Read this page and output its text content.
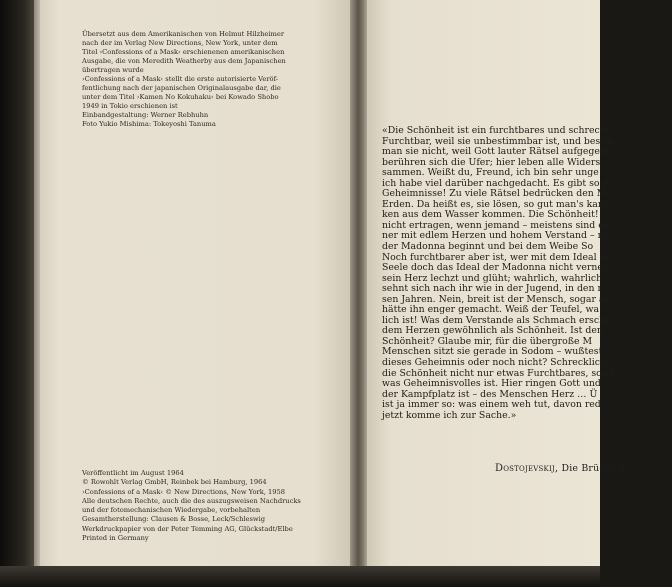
Übersetzt aus dem Amerikanischen von Helmut Hilzheimer

nach der im Verlag New Directions, New York, unter dem

Titel ›Confessions of a Mask‹ erschienenen amerikanischen

Ausgabe, die von Meredith Weatherby aus dem Japanischen

übertragen wurde

›Confessions of a Mask‹ stellt die erste autorisierte Veröf-

fentlichung nach der japanischen Originalausgabe dar, die

unter dem Titel ›Kamen No Kokuhaku‹ bei Kowado Shobo

1949 in Tokio erschienen ist

Einbandgestaltung: Werner Rebhuhn

Foto Yukio Mishima: Tokeyoshi Tanuma

Veröffentlicht im August 1964

© Rowohlt Verlag GmbH, Reinbek bei Hamburg, 1964

›Confessions of a Mask‹ © New Directions, New York, 1958

Alle deutschen Rechte, auch die des auszugsweisen Nachdrucks

und der fotomechanischen Wiedergabe, vorbehalten

Gesamtherstellung: Clausen & Bosse, Leck/Schleswig

Werkdruckpapier von der Peter Temming AG, Glückstadt/Elbe

Printed in Germany

«Die Schönheit ist ein furchtbares und schreckli
Furchtbar, weil sie unbestimmbar ist, und bestin
man sie nicht, weil Gott lauter Rätsel aufgegebe
berühren sich die Ufer; hier leben alle Widers
sammen. Weißt du, Freund, ich bin sehr unge
ich habe viel darüber nachgedacht. Es gibt so fur
Geheimnisse! Zu viele Rätsel bedrücken den M
Erden. Da heißt es, sie lösen, so gut man's kanr
ken aus dem Wasser kommen. Die Schönheit!
nicht ertragen, wenn jemand – meistens sind es
ner mit edlem Herzen und hohem Verstand – mi
der Madonna beginnt und bei dem Weibe So
Noch furchtbarer aber ist, wer mit dem Ideal So
Seele doch das Ideal der Madonna nicht vernei
sein Herz lechzt und glüht; wahrlich, wahrlich, e
sehnt sich nach ihr wie in der Jugend, in den n
sen Jahren. Nein, breit ist der Mensch, sogar al
hätte ihn enger gemacht. Weiß der Teufel, wa
lich ist! Was dem Verstande als Schmach erschei
dem Herzen gewöhnlich als Schönheit. Ist den
Schönheit? Glaube mir, für die übergroße M
Menschen sitzt sie gerade in Sodom – wußtest
dieses Geheimnis oder noch nicht? Schrecklich
die Schönheit nicht nur etwas Furchtbares, sond
was Geheimnisvolles ist. Hier ringen Gott und
der Kampfplatz ist – des Menschen Herz … Ü
ist ja immer so: was einem weh tut, davon rede
jetzt komme ich zur Sache.»
Dostojevskij, Die Brüder K
